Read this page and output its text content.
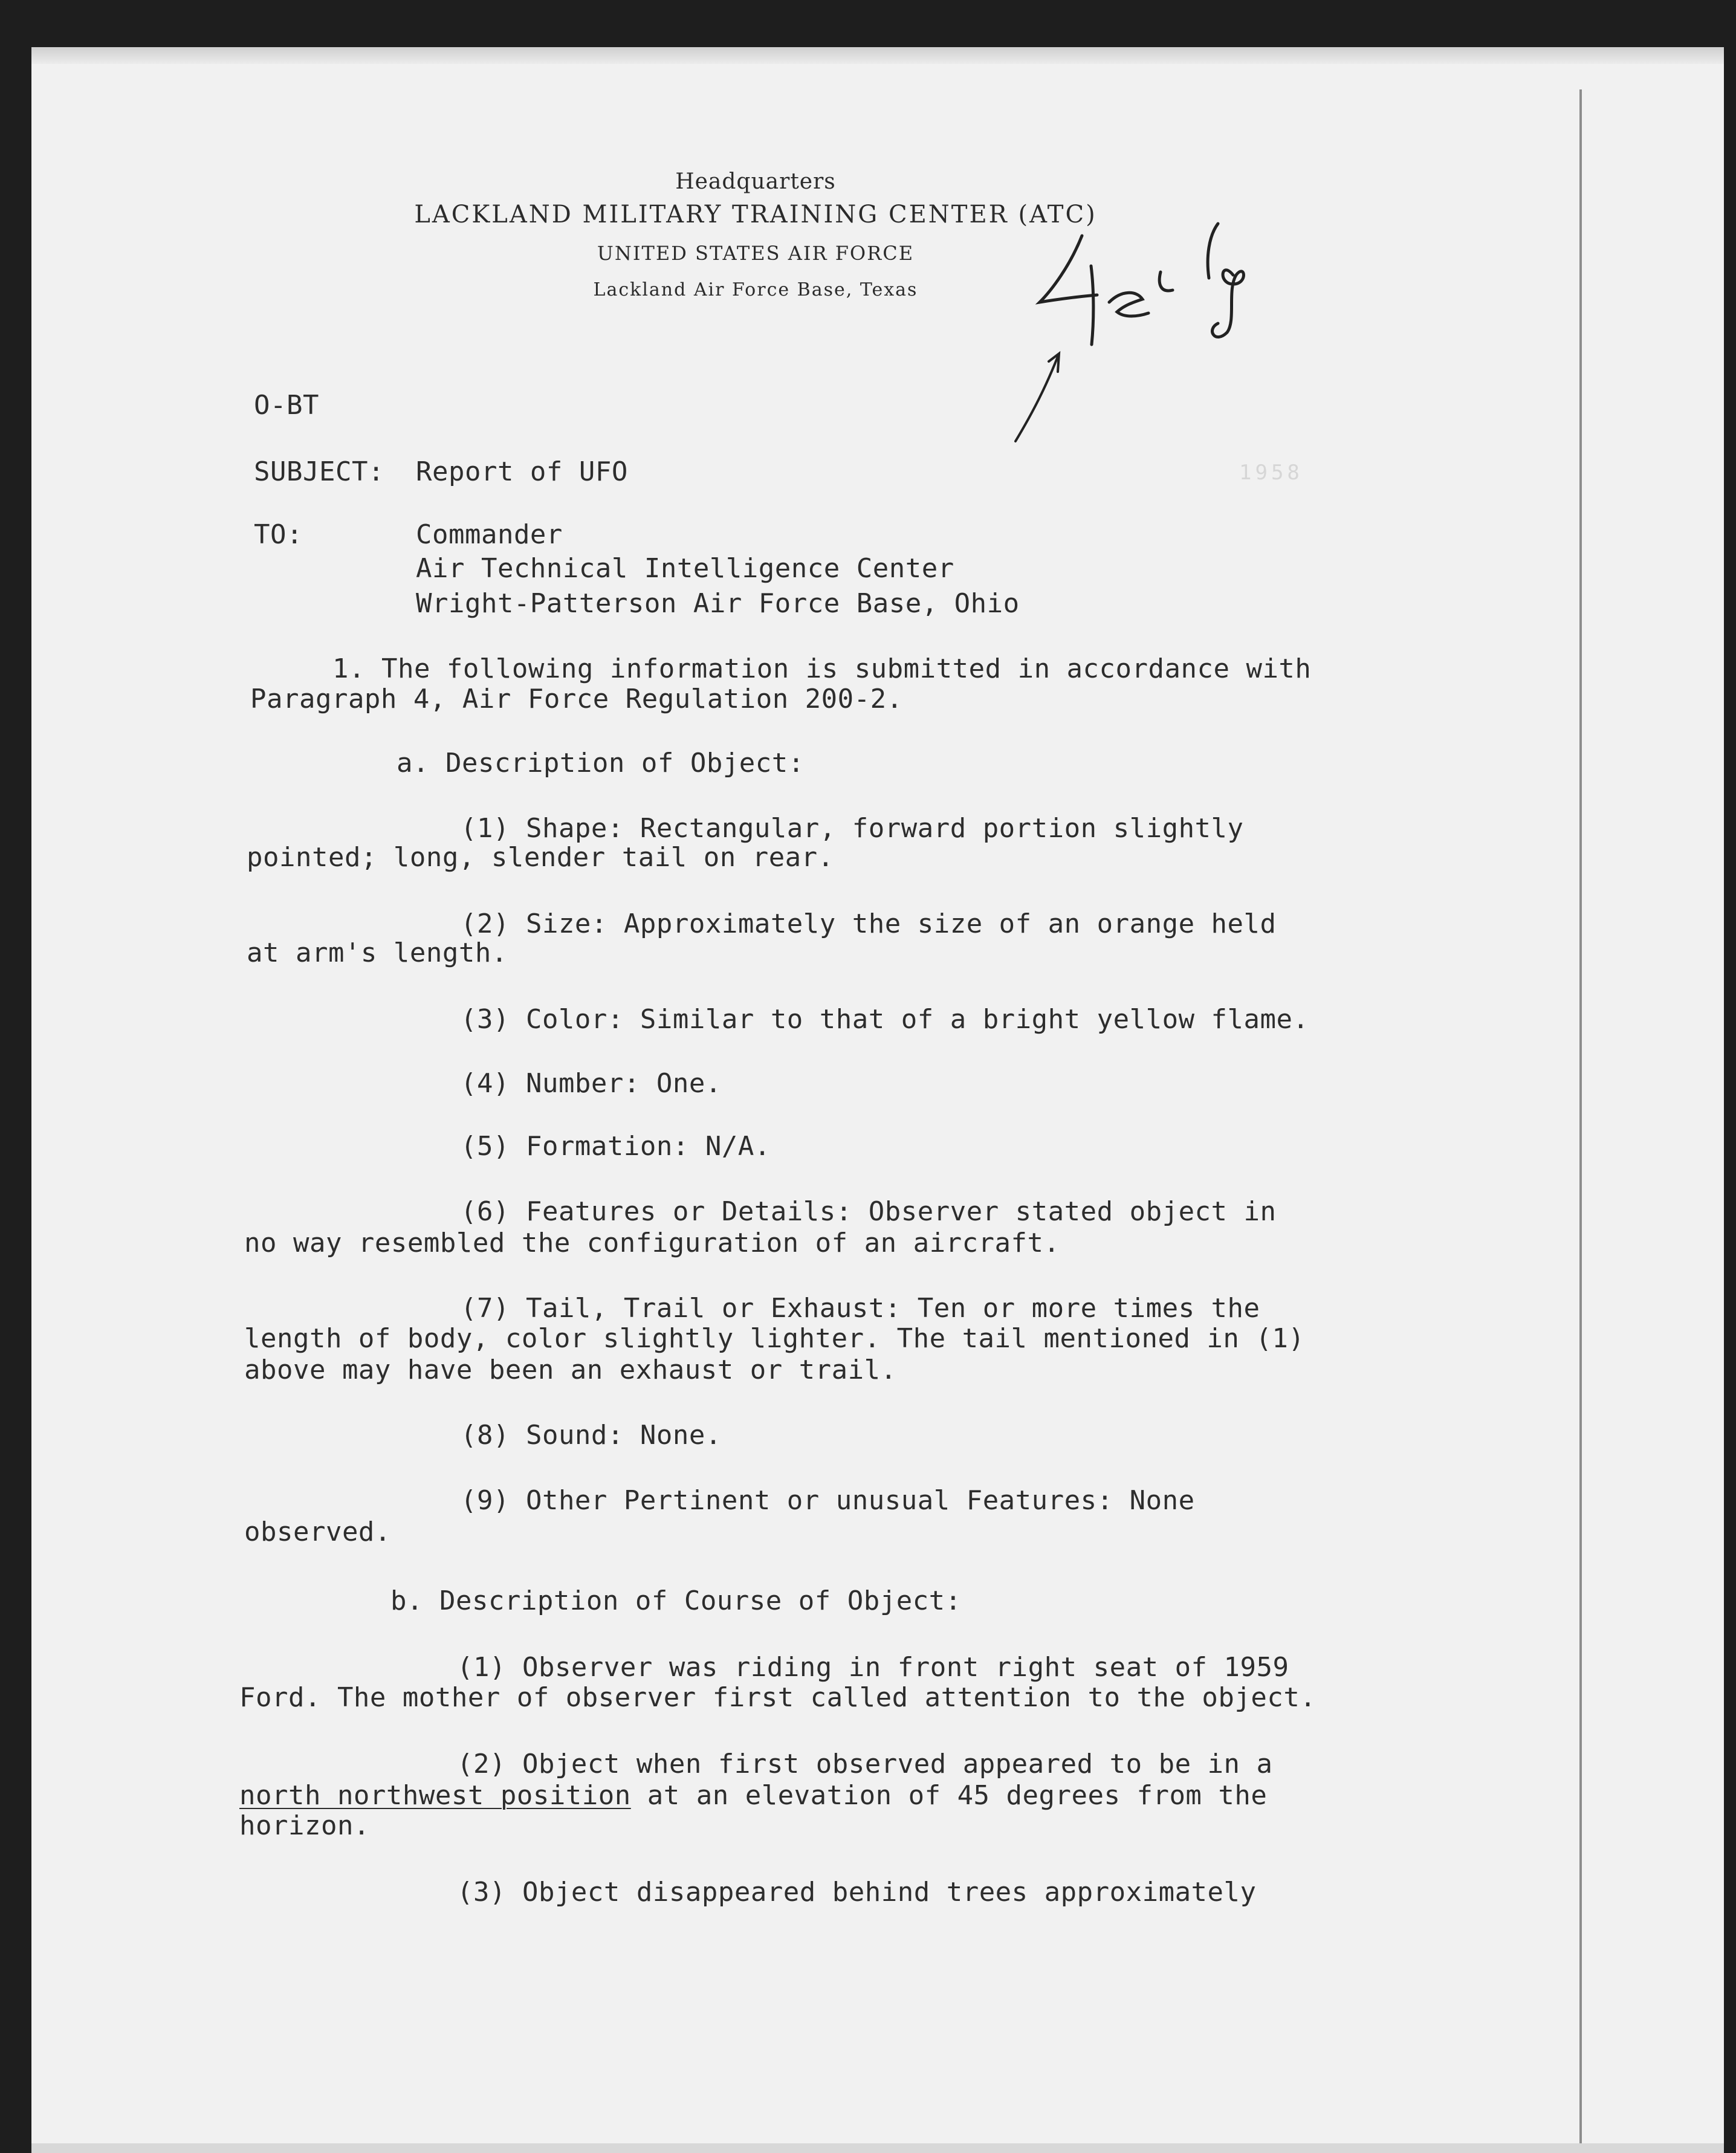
Headquarters
LACKLAND MILITARY TRAINING CENTER (ATC)
UNITED STATES AIR FORCE
Lackland Air Force Base, Texas
1958
O-BT
SUBJECT: Report of UFO
TO:	Commander
Air Technical Intelligence Center
Wright-Patterson Air Force Base, Ohio
1. The following information is submitted in accordance with
Paragraph 4, Air Force Regulation 200-2.
a. Description of Object:
(1) Shape: Rectangular, forward portion slightly
pointed; long, slender tail on rear.
(2) Size: Approximately the size of an orange held
at arm's length.
(3) Color: Similar to that of a bright yellow flame.
(4) Number: One.
(5) Formation: N/A.
(6) Features or Details: Observer stated object in
no way resembled the configuration of an aircraft.
(7) Tail, Trail or Exhaust: Ten or more times the
length of body, color slightly lighter. The tail mentioned in (1)
above may have been an exhaust or trail.
(8) Sound: None.
(9) Other Pertinent or unusual Features: None
observed.
b. Description of Course of Object:
(1) Observer was riding in front right seat of 1959
Ford. The mother of observer first called attention to the object.
(2) Object when first observed appeared to be in a
north northwest position at an elevation of 45 degrees from the
horizon.
(3) Object disappeared behind trees approximately
